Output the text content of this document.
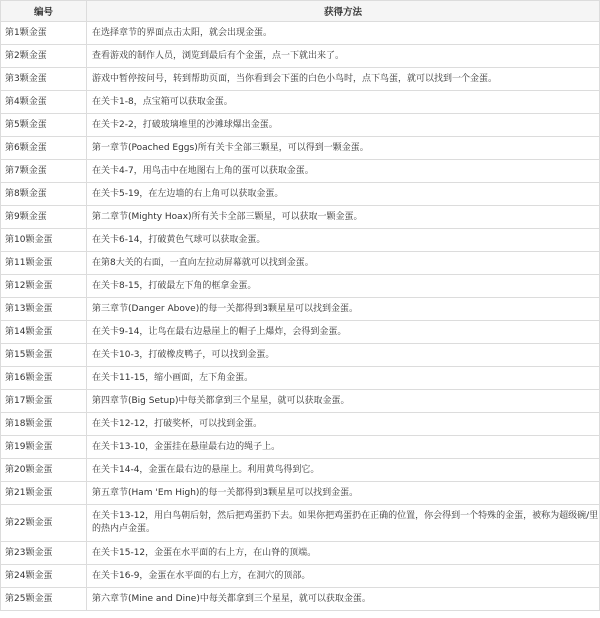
编号	获得方法
第1颗金蛋	在选择章节的界面点击太阳，就会出现金蛋。
第2颗金蛋	查看游戏的制作人员，浏览到最后有个金蛋，点一下就出来了。
第3颗金蛋	游戏中暂停按问号，转到帮助页面，当你看到会下蛋的白色小鸟时，点下鸟蛋，就可以找到一个金蛋。
第4颗金蛋	在关卡1-8，点宝箱可以获取金蛋。
第5颗金蛋	在关卡2-2，打破玻璃堆里的沙滩球爆出金蛋。
第6颗金蛋	第一章节(Poached Eggs)所有关卡全部三颗星，可以得到一颗金蛋。
第7颗金蛋	在关卡4-7，用鸟击中在地图右上角的蛋可以获取金蛋。
第8颗金蛋	在关卡5-19，在左边墙的右上角可以获取金蛋。
第9颗金蛋	第二章节(Mighty Hoax)所有关卡全部三颗星，可以获取一颗金蛋。
第10颗金蛋	在关卡6-14，打破黄色气球可以获取金蛋。
第11颗金蛋	在第8大关的右面，一直向左拉动屏幕就可以找到金蛋。
第12颗金蛋	在关卡8-15，打破最左下角的框拿金蛋。
第13颗金蛋	第三章节(Danger Above)的每一关都得到3颗星星可以找到金蛋。
第14颗金蛋	在关卡9-14，让鸟在最右边悬崖上的帽子上爆炸，会得到金蛋。
第15颗金蛋	在关卡10-3，打破橡皮鸭子，可以找到金蛋。
第16颗金蛋	在关卡11-15，缩小画面，左下角金蛋。
第17颗金蛋	第四章节(Big Setup)中每关都拿到三个星星，就可以获取金蛋。
第18颗金蛋	在关卡12-12，打破奖杯，可以找到金蛋。
第19颗金蛋	在关卡13-10，金蛋挂在悬崖最右边的绳子上。
第20颗金蛋	在关卡14-4，金蛋在最右边的悬崖上。利用黄鸟得到它。
第21颗金蛋	第五章节(Ham 'Em High)的每一关都得到3颗星星可以找到金蛋。
第22颗金蛋	在关卡13-12，用白鸟朝后射，然后把鸡蛋扔下去。如果你把鸡蛋扔在正确的位置，你会得到一个特殊的金蛋，被称为超级碗/里的热内卢金蛋。
第23颗金蛋	在关卡15-12，金蛋在水平面的右上方，在山脊的顶端。
第24颗金蛋	在关卡16-9，金蛋在水平面的右上方，在洞穴的顶部。
第25颗金蛋	第六章节(Mine and Dine)中每关都拿到三个星星，就可以获取金蛋。
